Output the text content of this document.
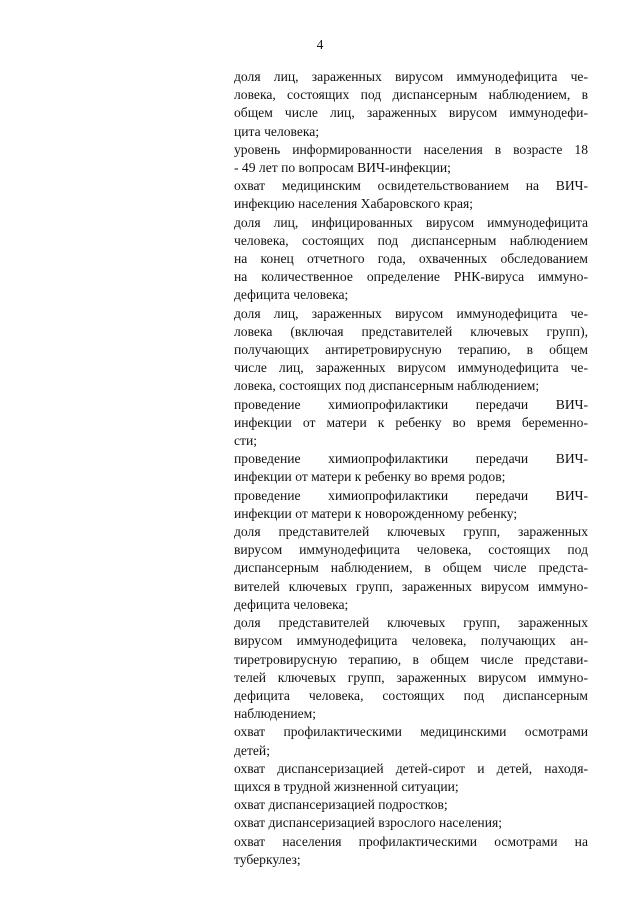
4

доля лиц, зараженных вирусом иммунодефицита че-
ловека, состоящих под диспансерным наблюдением, в
общем числе лиц, зараженных вирусом иммунодефи-
цита человека;

уровень информированности населения в возрасте 18
- 49 лет по вопросам ВИЧ-инфекции;

охват медицинским освидетельствованием на ВИЧ-
инфекцию населения Хабаровского края;

доля лиц, инфицированных вирусом иммунодефицита
человека, состоящих под диспансерным наблюдением
на конец отчетного года, охваченных обследованием
на количественное определение РНК-вируса иммуно-
дефицита человека;

доля лиц, зараженных вирусом иммунодефицита че-
ловека (включая представителей ключевых групп),
получающих антиретровирусную терапию, в общем
числе лиц, зараженных вирусом иммунодефицита че-
ловека, состоящих под диспансерным наблюдением;

проведение химиопрофилактики передачи ВИЧ-
инфекции от матери к ребенку во время беременно-
сти;

проведение химиопрофилактики передачи ВИЧ-
инфекции от матери к ребенку во время родов;

проведение химиопрофилактики передачи ВИЧ-
инфекции от матери к новорожденному ребенку;

доля представителей ключевых групп, зараженных
вирусом иммунодефицита человека, состоящих под
диспансерным наблюдением, в общем числе предста-
вителей ключевых групп, зараженных вирусом иммуно-
дефицита человека;

доля представителей ключевых групп, зараженных
вирусом иммунодефицита человека, получающих ан-
тиретровирусную терапию, в общем числе представи-
телей ключевых групп, зараженных вирусом иммуно-
дефицита человека, состоящих под диспансерным
наблюдением;

охват профилактическими медицинскими осмотрами
детей;

охват диспансеризацией детей-сирот и детей, находя-
щихся в трудной жизненной ситуации;

охват диспансеризацией подростков;

охват диспансеризацией взрослого населения;

охват населения профилактическими осмотрами на
туберкулез;
